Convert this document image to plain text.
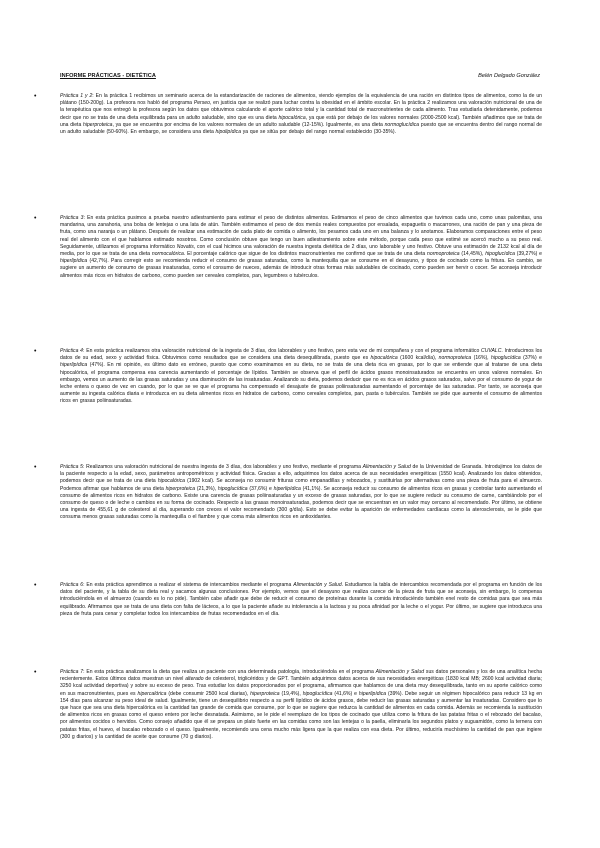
INFORME PRÁCTICAS - DIETÉTICA	Belén Delgado González
•	Práctica 1 y 2: En la práctica 1 recibimos un seminario acerca de la estandarización de raciones de alimentos, viendo ejemplos de la equivalencia de una ración en distintos tipos de alimentos, como la de un plátano (150-200g). La profesora nos habló del programa Perseo, en justicia que se realizó para luchar contra la obesidad en el ámbito escolar. En la práctica 2 realizamos una valoración nutricional de una de la terapéutica que nos entregó la profesora según los datos que obtuvimos calculando el aporte calórico total y la cantidad total de macronutrientes de cada alimento. Tras estudiarla detenidamente, podemos decir que no se trata de una dieta equilibrada para un adulto saludable, sino que es una dieta hipocalórica, ya que está por debajo de los valores normales (2000-2500 kcal). También añadimos que se trata de una dieta hiperproteica, ya que se encuentra por encima de los valores normales de un adulto saludable (12-15%). Igualmente, es una dieta normoglucídica puesto que se encuentra dentro del rango normal de un adulto saludable (50-60%). En embargo, se considera una dieta hipolipídica ya que se sitúa por debajo del rango normal establecido (30-35%).

•	Práctica 3: En esta práctica pusimos a prueba nuestro adiestramiento para estimar el peso de distintos alimentos. Estimamos el peso de cinco alimentos que tuvimos cada uno, como unas palomitas, una mandarina, una zanahoria, una bolsa de lentejas o una lata de atún. También estimamos el peso de dos menús reales compuestos por ensalada, espaguetis o macarrones, una ración de pan y una pieza de fruta, como una naranja o un plátano. Después de realizar una estimación de cada plato de comida o alimento, los pesamos cada uno en una balanza y lo anotamos. Elaboramos comparaciones entre el peso real del alimento con el que habíamos estimado nosotros. Como conclusión obtuve que tengo un buen adiestramiento sobre este método, porque cada peso que estimé se acercó mucho a su peso real. Seguidamente, utilizamos el programa informático Novatis, con el cual hicimos una valoración de nuestra ingesta dietética de 2 días, uno laborable y uno festivo. Obtuve una estimación de 2132 kcal al día de media, por lo que se trata de una dieta normocalórica. El porcentaje calórico que sigue de los distintos macronutrientes me confirmó que se trata de una dieta normoproteica (14,45%), hipoglucídica (39,27%) e hiperlipídica (42,7%). Para corregir esto se recomienda reducir el consumo de grasas saturadas, como la mantequilla que se consume en el desayuno, y tipos de cocinado como la fritura. En cambio, se sugiere un aumento de consumo de grasas insaturadas, como el consumo de nueces, además de introducir otras formas más saludables de cocinado, como pueden ser hervir o cocer. Se aconseja introducir alimentos más ricos en hidratos de carbono, como pueden ser cereales completos, pan, legumbres o tubérculos.

•	Práctica 4: En esta práctica realizamos otra valoración nutricional de la ingesta de 3 días, dos laborables y uno festivo, pero esta vez de mi compañera y con el programa informático CUVALC. Introducimos los datos de su edad, sexo y actividad física. Obtuvimos como resultados que se considera una dieta desequilibrada, puesto que es hipocalórica (1600 kcal/día), normoproteica (16%), hipoglucídica (37%) e hiperlipídica (47%). En mi opinión, es último dato es erróneo, puesto que como examinamos en su dieta, no se trata de una dieta rica en grasas, por lo que se entiende que al tratarse de una dieta hipocalórica, el programa compensa esa carencia aumentando el porcentaje de lípidos. También se observa que el perfil de ácidos grasos monoinsaturados se encuentra en unos valores normales. En embargo, vemos un aumento de las grasas saturadas y una disminución de las insaturadas. Analizando su dieta, podemos deducir que no es rica en ácidos grasos saturados, salvo por el consumo de yogur de leche entera o queso de vez en cuando, por lo que se ve que el programa ha compensado el desajuste de grasas poliinsaturadas aumentando el porcentaje de las saturadas. Por tanto, se aconseja que aumente su ingesta calórica diaria e introduzca en su dieta alimentos ricos en hidratos de carbono, como cereales completos, pan, pasta o tubérculos. También se pide que aumente el consumo de alimentos ricos en grasas poliinsaturadas.

•	Práctica 5: Realizamos una valoración nutricional de nuestra ingesta de 3 días, dos laborables y uno festivo, mediante el programa Alimentación y Salud de la Universidad de Granada. Introdujimos los datos de la paciente respecto a la edad, sexo, parámetros antropométricos y actividad física. Gracias a ello, adquirimos los datos acerca de sus necesidades energéticas (1550 kcal). Analizando los datos obtenidos, podemos decir que se trata de una dieta hipocalórica (1902 kcal). Se aconseja no consumir frituras como empanadillas y rebozados, y sustituirlas por alternativas como una pieza de fruta para el almuerzo. Podemos afirmar que hablamos de una dieta hiperproteica (21,3%), hipoglucídica (37,6%) e hiperlipídica (41,1%). Se aconseja reducir su consumo de alimentos ricos en grasas y controlar tanto aumentando el consumo de alimentos ricos en hidratos de carbono. Existe una carencia de grasas poliinsaturadas y un exceso de grasas saturadas, por lo que se sugiere reducir su consumo de carne, cambiándolo por el consumo de queso o de leche o cambios en su forma de cocinado. Respecto a las grasas monoinsaturadas, podemos decir que se encuentran en un valor muy cercano al recomendado. Por último, se obtiene una ingesta de 455,61 g de colesterol al día, superando con creces el valor recomendado (300 g/día). Esto se debe evitar la aparición de enfermedades cardíacas como la aterosclerosis, se le pide que consuma menos grasas saturadas como la mantequilla o el fiambre y que coma más alimentos ricos en antioxidantes.

•	Práctica 6: En esta práctica aprendimos a realizar el sistema de intercambios mediante el programa Alimentación y Salud. Estudiamos la tabla de intercambios recomendada por el programa en función de los datos del paciente, y la tabla de su dieta real y sacamos algunas conclusiones. Por ejemplo, vemos que el desayuno que realiza carece de la pieza de fruta que se aconseja, sin embargo, lo compensa introduciéndola en el almuerzo (cuando es lo no pide). También cabe añadir que debe de reducir el consumo de proteínas durante la comida introduciéndo también enel resto de comidas para que sea más equilibrado. Afirmamos que se trata de una dieta con falta de lácteos, a lo que la paciente añade su intolerancia a la lactosa y su poca afinidad por la leche o el yogur. Por último, se sugiere que introduzca una pieza de fruta para cenar y completar todos los intercambios de frutas recomendados en el día.

•	Práctica 7: En esta práctica analizamos la dieta que realiza un paciente con una determinada patología, introduciéndola en el programa Alimentación y Salud sus datos personales y los de una analítica hecha recientemente. Estos últimos datos muestran un nivel alterado de colesterol, triglicéridos y de GPT. También adquirimos datos acerca de sus necesidades energéticas (1830 kcal MB; 2600 kcal actividad diaria; 3250 kcal actividad deportiva) y sobre su exceso de peso. Tras estudiar los datos proporcionados por el programa, afirmamos que hablamos de una dieta muy desequilibrada, tanto en su aporte calórico como en sus macronutrientes, pues es hipercalórica (debe consumir 2500 kcal diarias), hiperproteica (19,4%), hipoglucídica (41,6%) e hiperlipídica (39%). Debe seguir un régimen hipocalórico para reducir 13 kg en 154 días para alcanzar su peso ideal de salud. Igualmente, tiene un desequilibrio respecto a su perfil lipídico de ácidos grasos, debe reducir las grasas saturadas y aumentar las insaturadas. Considero que lo que hace que sea una dieta hipercalórica es la cantidad tan grande de comida que consume, por lo que se sugiere que reduzca la cantidad de alimentos en cada comida. Además se recomienda la sustitución de alimentos ricos en grasas como el queso entero por leche desnatada. Asimismo, se le pide el reemplazo de los tipos de cocinado que utiliza como la fritura de las patatas fritas o el rebozado del bacalao, por alimentos cocidos o hervidos. Como consejo añadido que él se prepara un plato fuerte en las comidas como son las lentejas o la paella, eliminaría los segundos platos y suguamidón, como la ternera con patatas fritas, el huevo, el bacalao rebozado o el queso. Igualmente, recomiendo una cena mucho más ligera que la que realiza con esa dieta. Por último, reduciría muchísimo la cantidad de pan que ingiere (300 g diarios) y la cantidad de aceite que consume (70 g diarios).
